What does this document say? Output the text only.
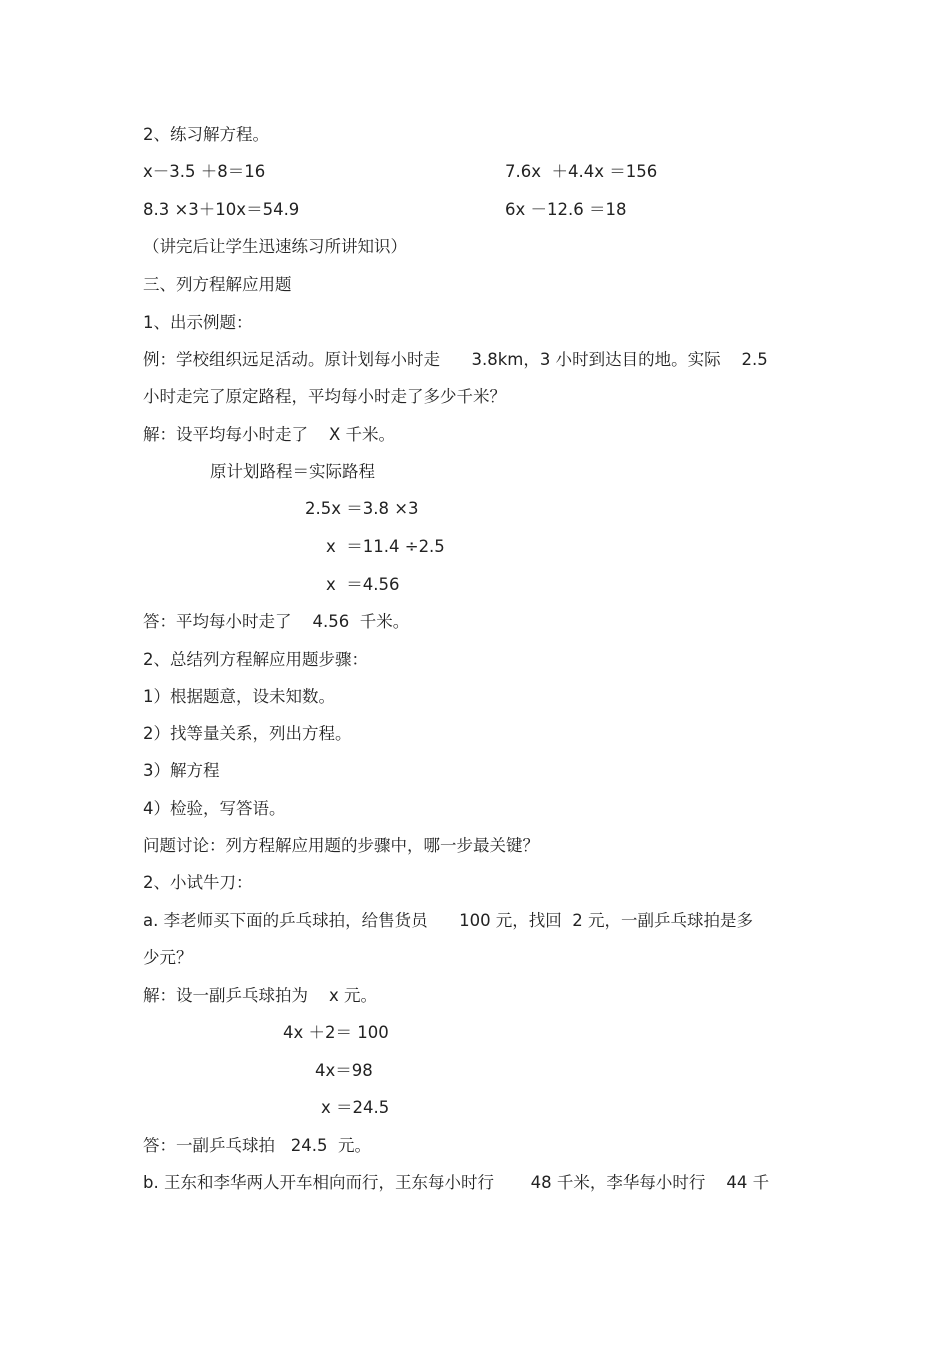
2、练习解方程。
x－3.5 ＋8＝16	7.6x  ＋4.4x ＝156
8.3 ×3＋10x＝54.9	6x －12.6 ＝18
（讲完后让学生迅速练习所讲知识）
三、列方程解应用题
1、出示例题：
例：学校组织远足活动。原计划每小时走      3.8km，3 小时到达目的地。实际    2.5
小时走完了原定路程，平均每小时走了多少千米？
解：设平均每小时走了    X 千米。
原计划路程＝实际路程
2.5x ＝3.8 ×3
x  ＝11.4 ÷2.5
x  ＝4.56
答：平均每小时走了    4.56  千米。
2、总结列方程解应用题步骤：
1）根据题意，设未知数。
2）找等量关系，列出方程。
3）解方程
4）检验，写答语。
问题讨论：列方程解应用题的步骤中，哪一步最关键？
2、小试牛刀：
a. 李老师买下面的乒乓球拍，给售货员      100 元，找回  2 元，一副乒乓球拍是多
少元？
解：设一副乒乓球拍为    x 元。
4x ＋2＝ 100
4x＝98
x ＝24.5
答：一副乒乓球拍   24.5  元。
b. 王东和李华两人开车相向而行，王东每小时行       48 千米，李华每小时行    44 千
